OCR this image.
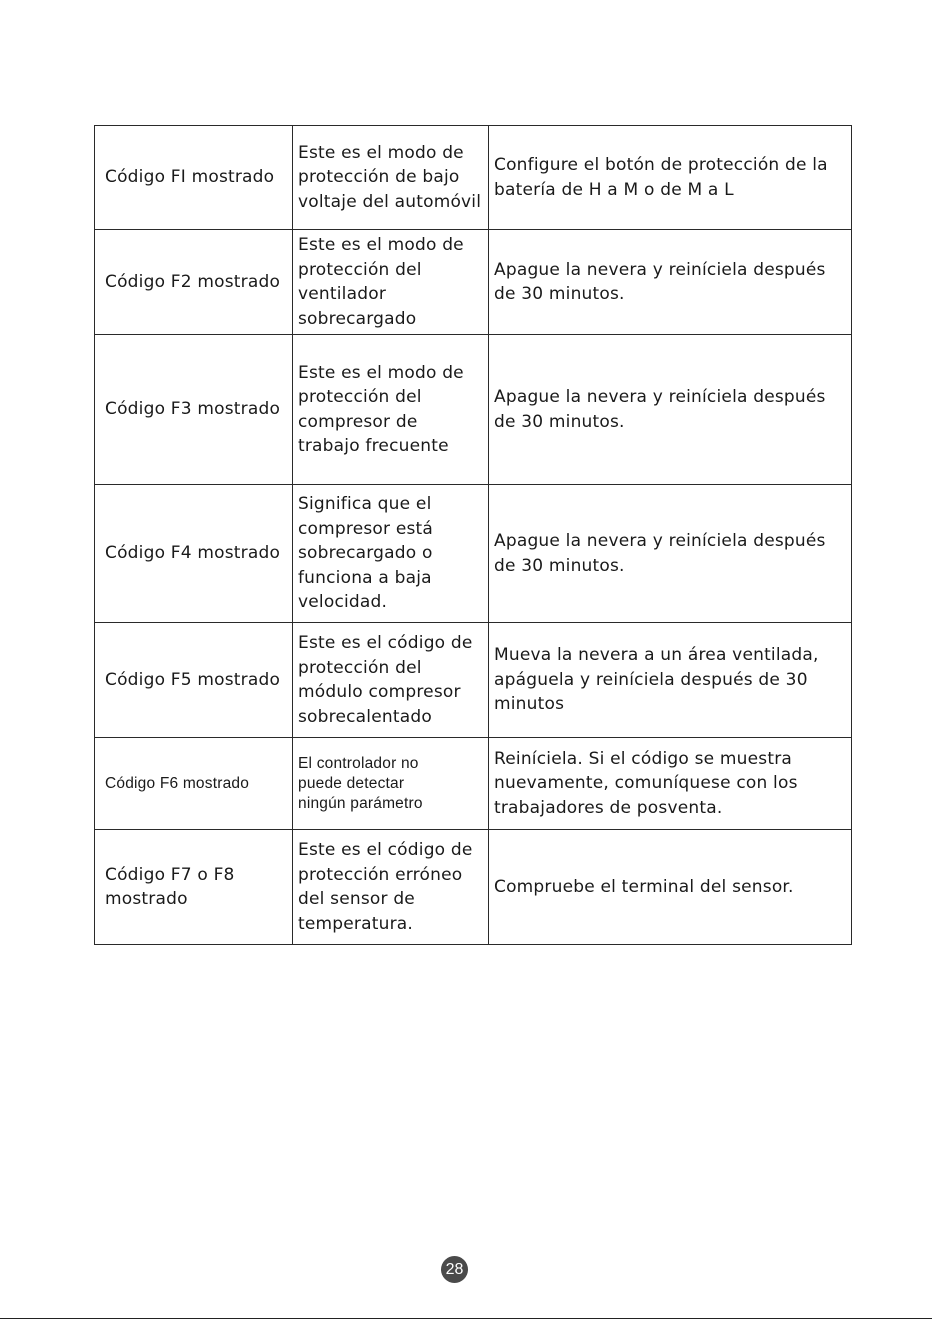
Código FI mostrado	Este es el modo de
protección de bajo
voltaje del automóvil	Configure el botón de protección de la
batería de H a M o de M a L

Código F2 mostrado	Este es el modo de
protección del
ventilador
sobrecargado	Apague la nevera y reiníciela después
de 30 minutos.

Código F3 mostrado	Este es el modo de
protección del
compresor de
trabajo frecuente	Apague la nevera y reiníciela después
de 30 minutos.

Código F4 mostrado	Significa que el
compresor está
sobrecargado o
funciona a baja
velocidad.	Apague la nevera y reiníciela después
de 30 minutos.

Código F5 mostrado	Este es el código de
protección del
módulo compresor
sobrecalentado	Mueva la nevera a un área ventilada,
apáguela y reiníciela después de 30
minutos

Código F6 mostrado	El controlador no
puede detectar
ningún parámetro	Reiníciela. Si el código se muestra
nuevamente, comuníquese con los
trabajadores de posventa.

Código F7 o F8
mostrado	Este es el código de
protección erróneo
del sensor de
temperatura.	Compruebe el terminal del sensor.
28
